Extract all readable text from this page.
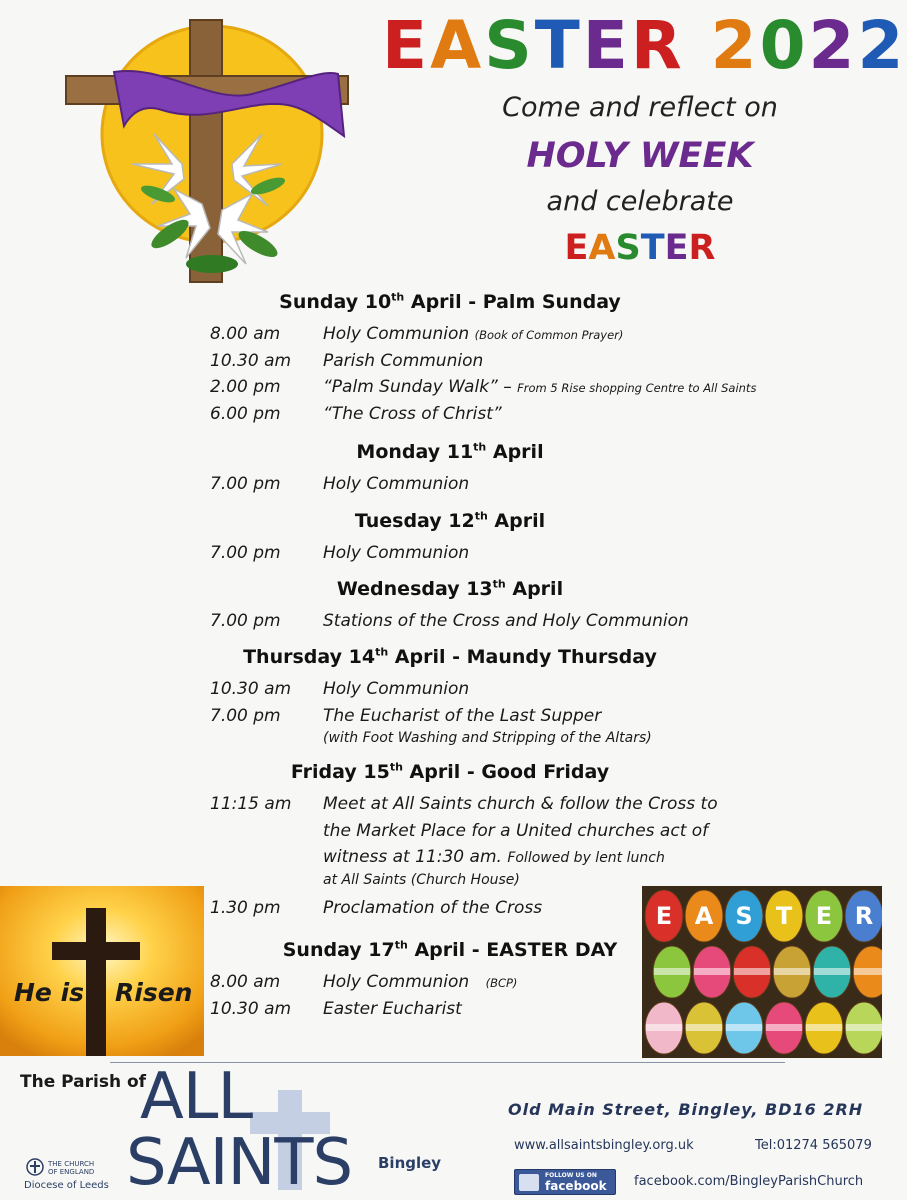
EASTER 2022
Come and reflect on
HOLY WEEK
and celebrate
EASTER
Sunday 10th April - Palm Sunday
8.00 am	Holy Communion (Book of Common Prayer)
10.30 am	Parish Communion
2.00 pm	“Palm Sunday Walk” – From 5 Rise shopping Centre to All Saints
6.00 pm	“The Cross of Christ”
Monday 11th April
7.00 pm	Holy Communion
Tuesday 12th April
7.00 pm	Holy Communion
Wednesday 13th April
7.00 pm	Stations of the Cross and Holy Communion
Thursday 14th April - Maundy Thursday
10.30 am	Holy Communion
7.00 pm	The Eucharist of the Last Supper
(with Foot Washing and Stripping of the Altars)
Friday 15th April - Good Friday
11:15 am	Meet at All Saints church & follow the Cross to
the Market Place for a United churches act of
witness at 11:30 am. Followed by lent lunch
at All Saints (Church House)
1.30 pm	Proclamation of the Cross
Sunday 17th April - EASTER DAY
8.00 am	Holy Communion    (BCP)
10.30 am	Easter Eucharist
He is Risen
E A S T E R
The Parish of
ALL
SAINTS Bingley
THE CHURCH
OF ENGLAND
Diocese of Leeds
Old Main Street, Bingley, BD16 2RH
www.allsaintsbingley.org.uk	Tel:01274 565079
FOLLOW US ON
facebook facebook.com/BingleyParishChurch
